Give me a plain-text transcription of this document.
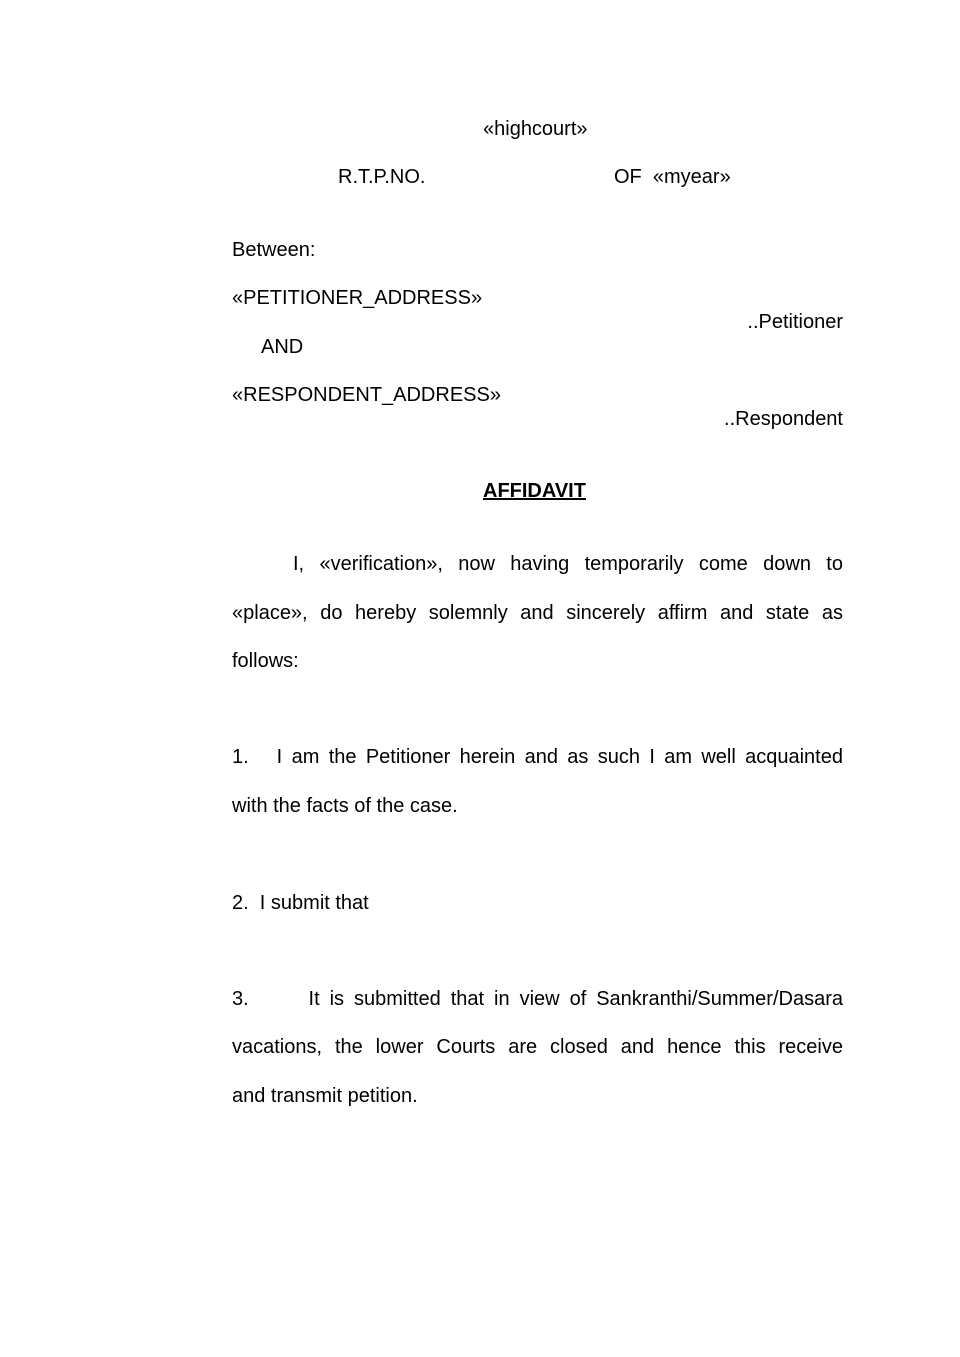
«highcourt»
R.T.P.NO.	OF  «myear»
Between:
«PETITIONER_ADDRESS»
..Petitioner
AND
«RESPONDENT_ADDRESS»
..Respondent
AFFIDAVIT
I, «verification», now having temporarily come down to
«place», do hereby solemnly and sincerely affirm and state as
follows:
1.   I am the Petitioner herein and as such I am well acquainted
with the facts of the case.
2.  I submit that
3.      It is submitted that in view of Sankranthi/Summer/Dasara
vacations, the lower Courts are closed and hence this receive
and transmit petition.
